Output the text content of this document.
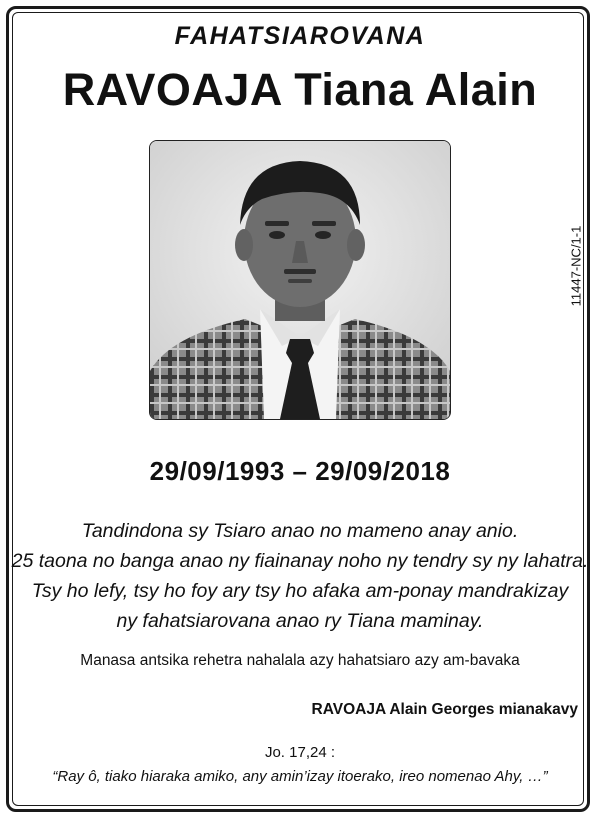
FAHATSIAROVANA
RAVOAJA Tiana Alain
11447-NC/1-1
29/09/1993 – 29/09/2018
Tandindona sy Tsiaro anao no mameno anay anio.
25 taona no banga anao ny fiainanay noho ny tendry sy ny lahatra.
Tsy ho lefy, tsy ho foy ary tsy ho afaka am-ponay mandrakizay
ny fahatsiarovana anao ry Tiana maminay.
Manasa antsika rehetra nahalala azy hahatsiaro azy am-bavaka
RAVOAJA Alain Georges mianakavy
Jo. 17,24 :
“Ray ô, tiako hiaraka amiko, any amin’izay itoerako, ireo nomenao Ahy, …”
